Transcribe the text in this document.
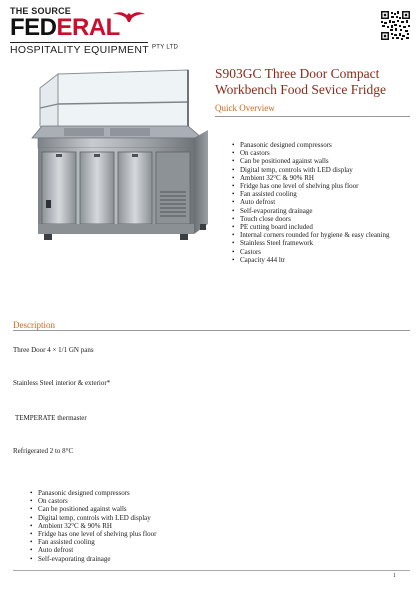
THE SOURCE
FEDERAL
HOSPITALITY EQUIPMENT $^{PTY LTD}$
S903GC Three Door Compact Workbench Food Sevice Fridge
Quick Overview
• Panasonic designed compressors
• On castors
• Can be positioned against walls
• Digital temp, controls with LED display
• Ambient 32°C & 90% RH
• Fridge has one level of shelving plus floor
• Fan assisted cooling
• Auto defrost
• Self-evaporating drainage
• Touch close doors
• PE cutting board included
• Internal corners rounded for hygiene & easy cleaning
• Stainless Steel framework
• Castors
• Capacity 444 ltr
Description
Three Door 4 × 1/1 GN pans
Stainless Steel interior & exterior*
TEMPERATE thermaster
Refrigerated 2 to 8°C
• Panasonic designed compressors
• On castors
• Can be positioned against walls
• Digital temp, controls with LED display
• Ambient 32°C & 90% RH
• Fridge has one level of shelving plus floor
• Fan assisted cooling
• Auto defrost
• Self-evaporating drainage
1
